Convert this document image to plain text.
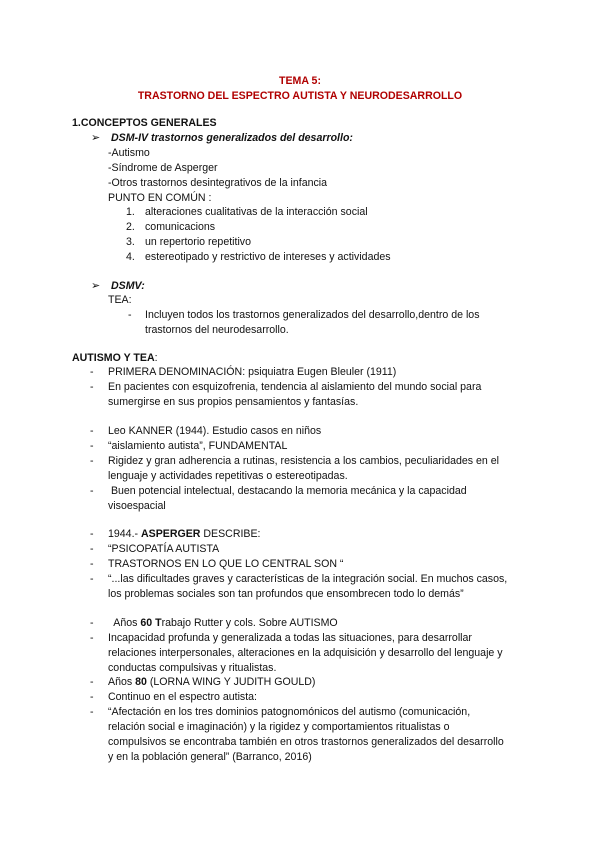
TEMA 5:
TRASTORNO DEL ESPECTRO AUTISTA Y NEURODESARROLLO
1.CONCEPTOS GENERALES
➢ DSM-IV trastornos generalizados del desarrollo:
-Autismo
-Síndrome de Asperger
-Otros trastornos desintegrativos de la infancia
PUNTO EN COMÚN :
1. alteraciones cualitativas de la interacción social
2. comunicacions
3. un repertorio repetitivo
4. estereotipado y restrictivo de intereses y actividades
➢ DSMV:
TEA:
- Incluyen todos los trastornos generalizados del desarrollo,dentro de los
trastornos del neurodesarrollo.
AUTISMO Y TEA:
- PRIMERA DENOMINACIÓN: psiquiatra Eugen Bleuler (1911)
- En pacientes con esquizofrenia, tendencia al aislamiento del mundo social para
sumergirse en sus propios pensamientos y fantasías.
- Leo KANNER (1944). Estudio casos en niños
- “aislamiento autista”, FUNDAMENTAL
- Rigidez y gran adherencia a rutinas, resistencia a los cambios, peculiaridades en el
lenguaje y actividades repetitivas o estereotipadas.
- Buen potencial intelectual, destacando la memoria mecánica y la capacidad
visoespacial
- 1944.- ASPERGER DESCRIBE:
- “PSICOPATÍA AUTISTA
- TRASTORNOS EN LO QUE LO CENTRAL SON “
- “...las dificultades graves y características de la integración social. En muchos casos,
los problemas sociales son tan profundos que ensombrecen todo lo demás”
- Años 60 Trabajo Rutter y cols. Sobre AUTISMO
- Incapacidad profunda y generalizada a todas las situaciones, para desarrollar
relaciones interpersonales, alteraciones en la adquisición y desarrollo del lenguaje y
conductas compulsivas y ritualistas.
- Años 80 (LORNA WING Y JUDITH GOULD)
- Continuo en el espectro autista:
- “Afectación en los tres dominios patognomónicos del autismo (comunicación,
relación social e imaginación) y la rigidez y comportamientos ritualistas o
compulsivos se encontraba también en otros trastornos generalizados del desarrollo
y en la población general” (Barranco, 2016)
